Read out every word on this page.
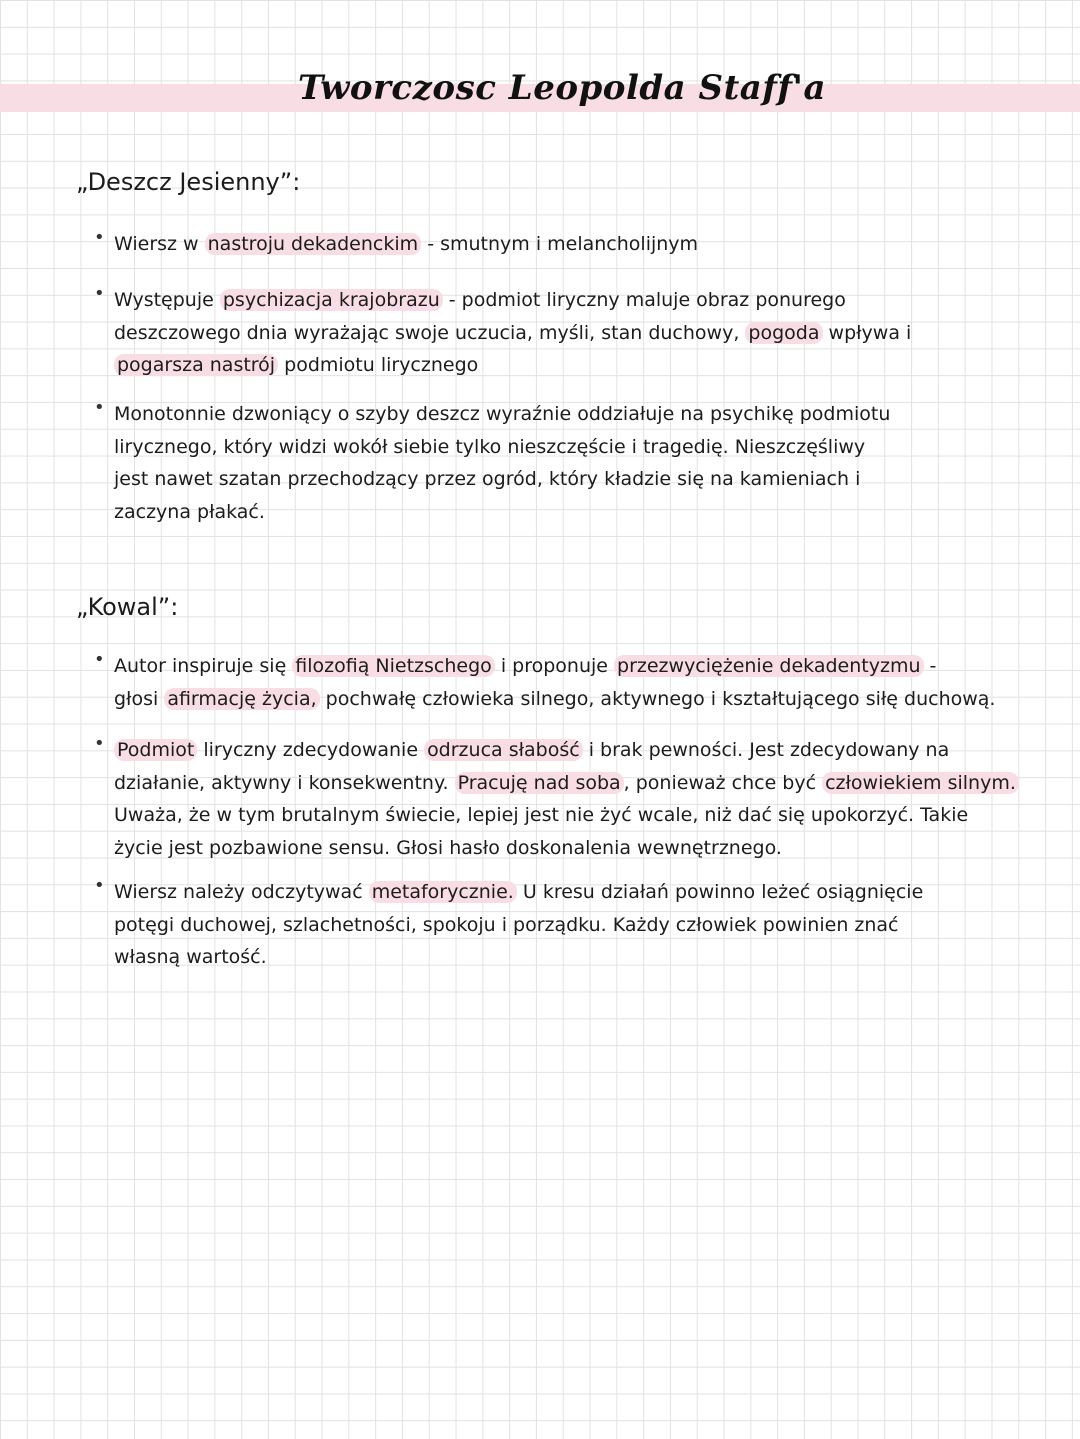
Tworczosc Leopolda Staff'a
„Deszcz Jesienny”:
• Wiersz w nastroju dekadenckim - smutnym i melancholijnym
• Występuje psychizacja krajobrazu - podmiot liryczny maluje obraz ponurego
deszczowego dnia wyrażając swoje uczucia, myśli, stan duchowy, pogoda wpływa i
pogarsza nastrój podmiotu lirycznego
• Monotonnie dzwoniący o szyby deszcz wyraźnie oddziałuje na psychikę podmiotu
lirycznego, który widzi wokół siebie tylko nieszczęście i tragedię. Nieszczęśliwy
jest nawet szatan przechodzący przez ogród, który kładzie się na kamieniach i
zaczyna płakać.
„Kowal”:
• Autor inspiruje się filozofią Nietzschego i proponuje przezwyciężenie dekadentyzmu -
głosi afirmację życia, pochwałę człowieka silnego, aktywnego i kształtującego siłę duchową.
• Podmiot liryczny zdecydowanie odrzuca słabość i brak pewności. Jest zdecydowany na
działanie, aktywny i konsekwentny. Pracuję nad soba , ponieważ chce być człowiekiem silnym.
Uważa, że w tym brutalnym świecie, lepiej jest nie żyć wcale, niż dać się upokorzyć. Takie
życie jest pozbawione sensu. Głosi hasło doskonalenia wewnętrznego.
• Wiersz należy odczytywać metaforycznie. U kresu działań powinno leżeć osiągnięcie
potęgi duchowej, szlachetności, spokoju i porządku. Każdy człowiek powinien znać
własną wartość.
